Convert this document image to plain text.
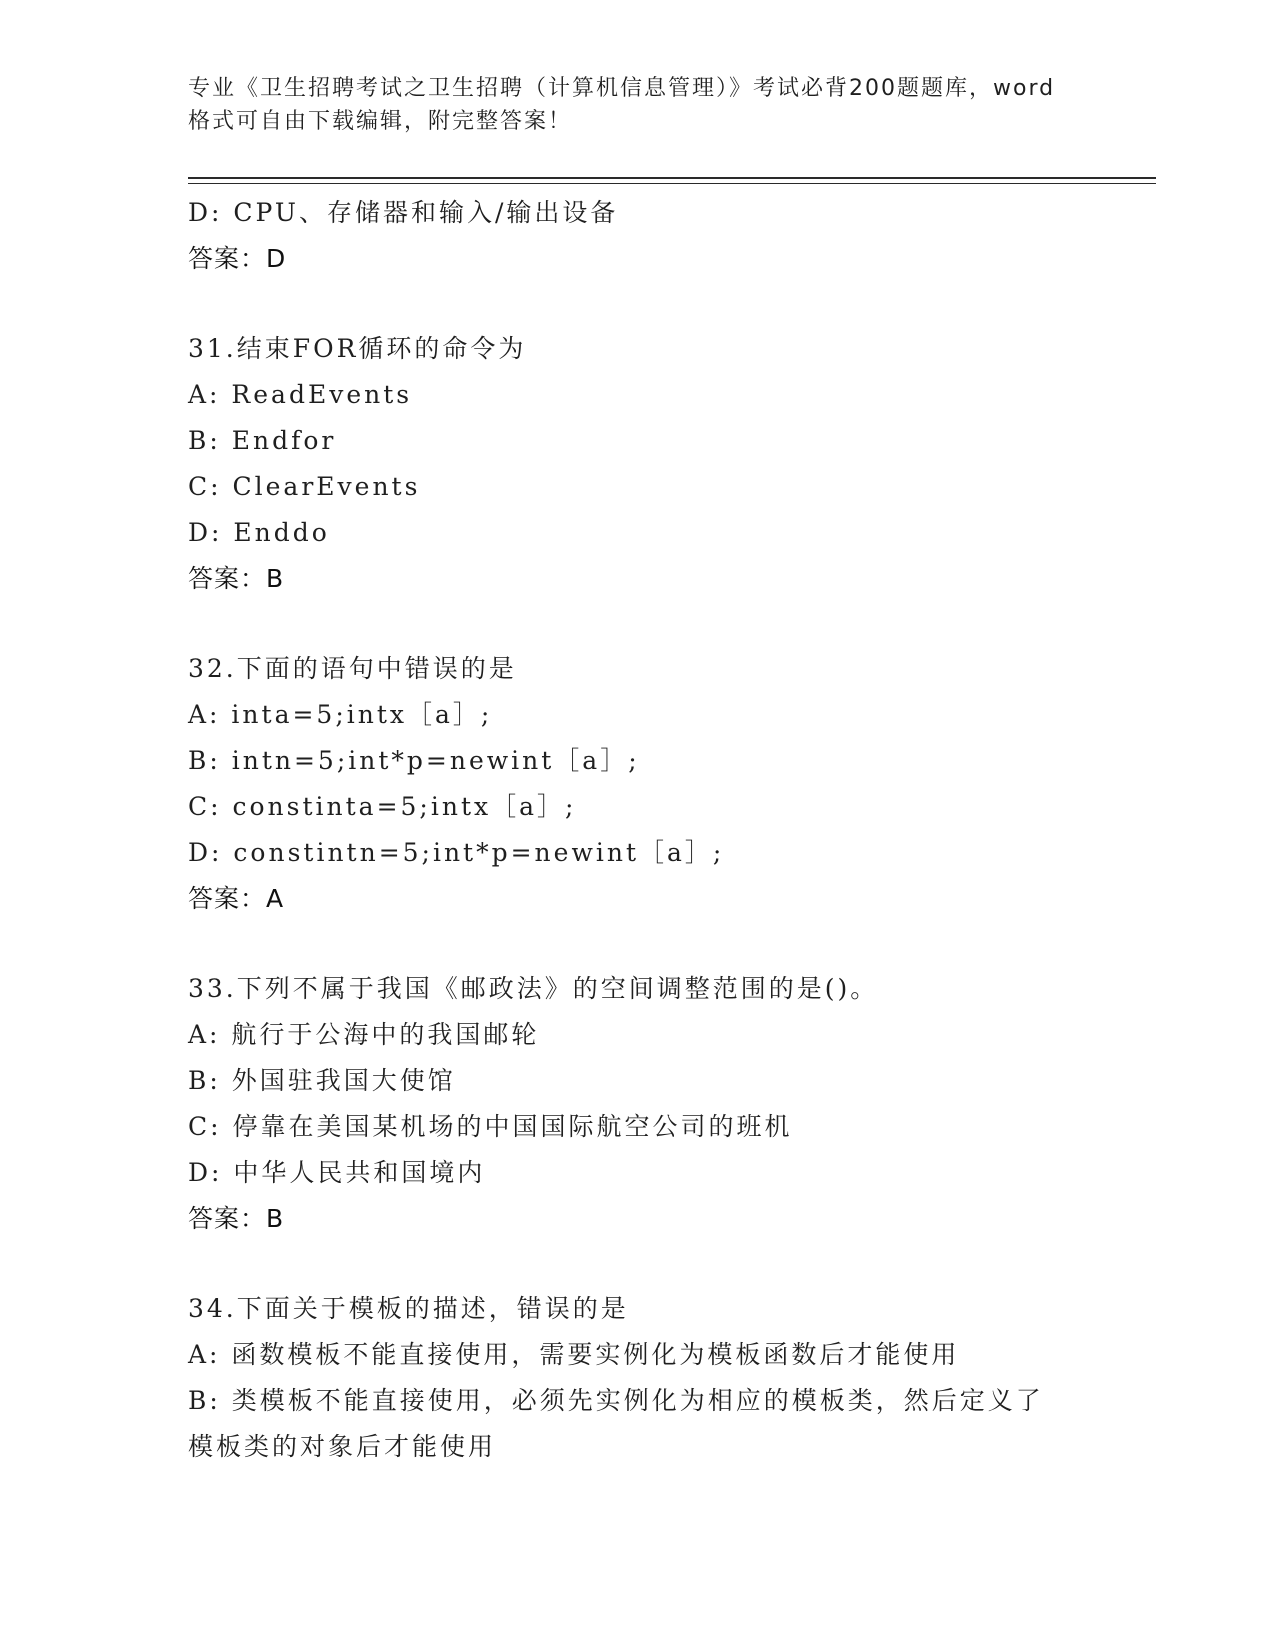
专业《卫生招聘考试之卫生招聘（计算机信息管理）》考试必背200题题库，word
格式可自由下载编辑，附完整答案！
D: CPU、存储器和输入/输出设备
答案：D
31.结束FOR循环的命令为
A: ReadEvents
B: Endfor
C: ClearEvents
D: Enddo
答案：B
32.下面的语句中错误的是
A: inta=5;intx［a］;
B: intn=5;int*p=newint［a］;
C: constinta=5;intx［a］;
D: constintn=5;int*p=newint［a］;
答案：A
33.下列不属于我国《邮政法》的空间调整范围的是()。
A: 航行于公海中的我国邮轮
B: 外国驻我国大使馆
C: 停靠在美国某机场的中国国际航空公司的班机
D: 中华人民共和国境内
答案：B
34.下面关于模板的描述，错误的是
A: 函数模板不能直接使用，需要实例化为模板函数后才能使用
B: 类模板不能直接使用，必须先实例化为相应的模板类，然后定义了
模板类的对象后才能使用
